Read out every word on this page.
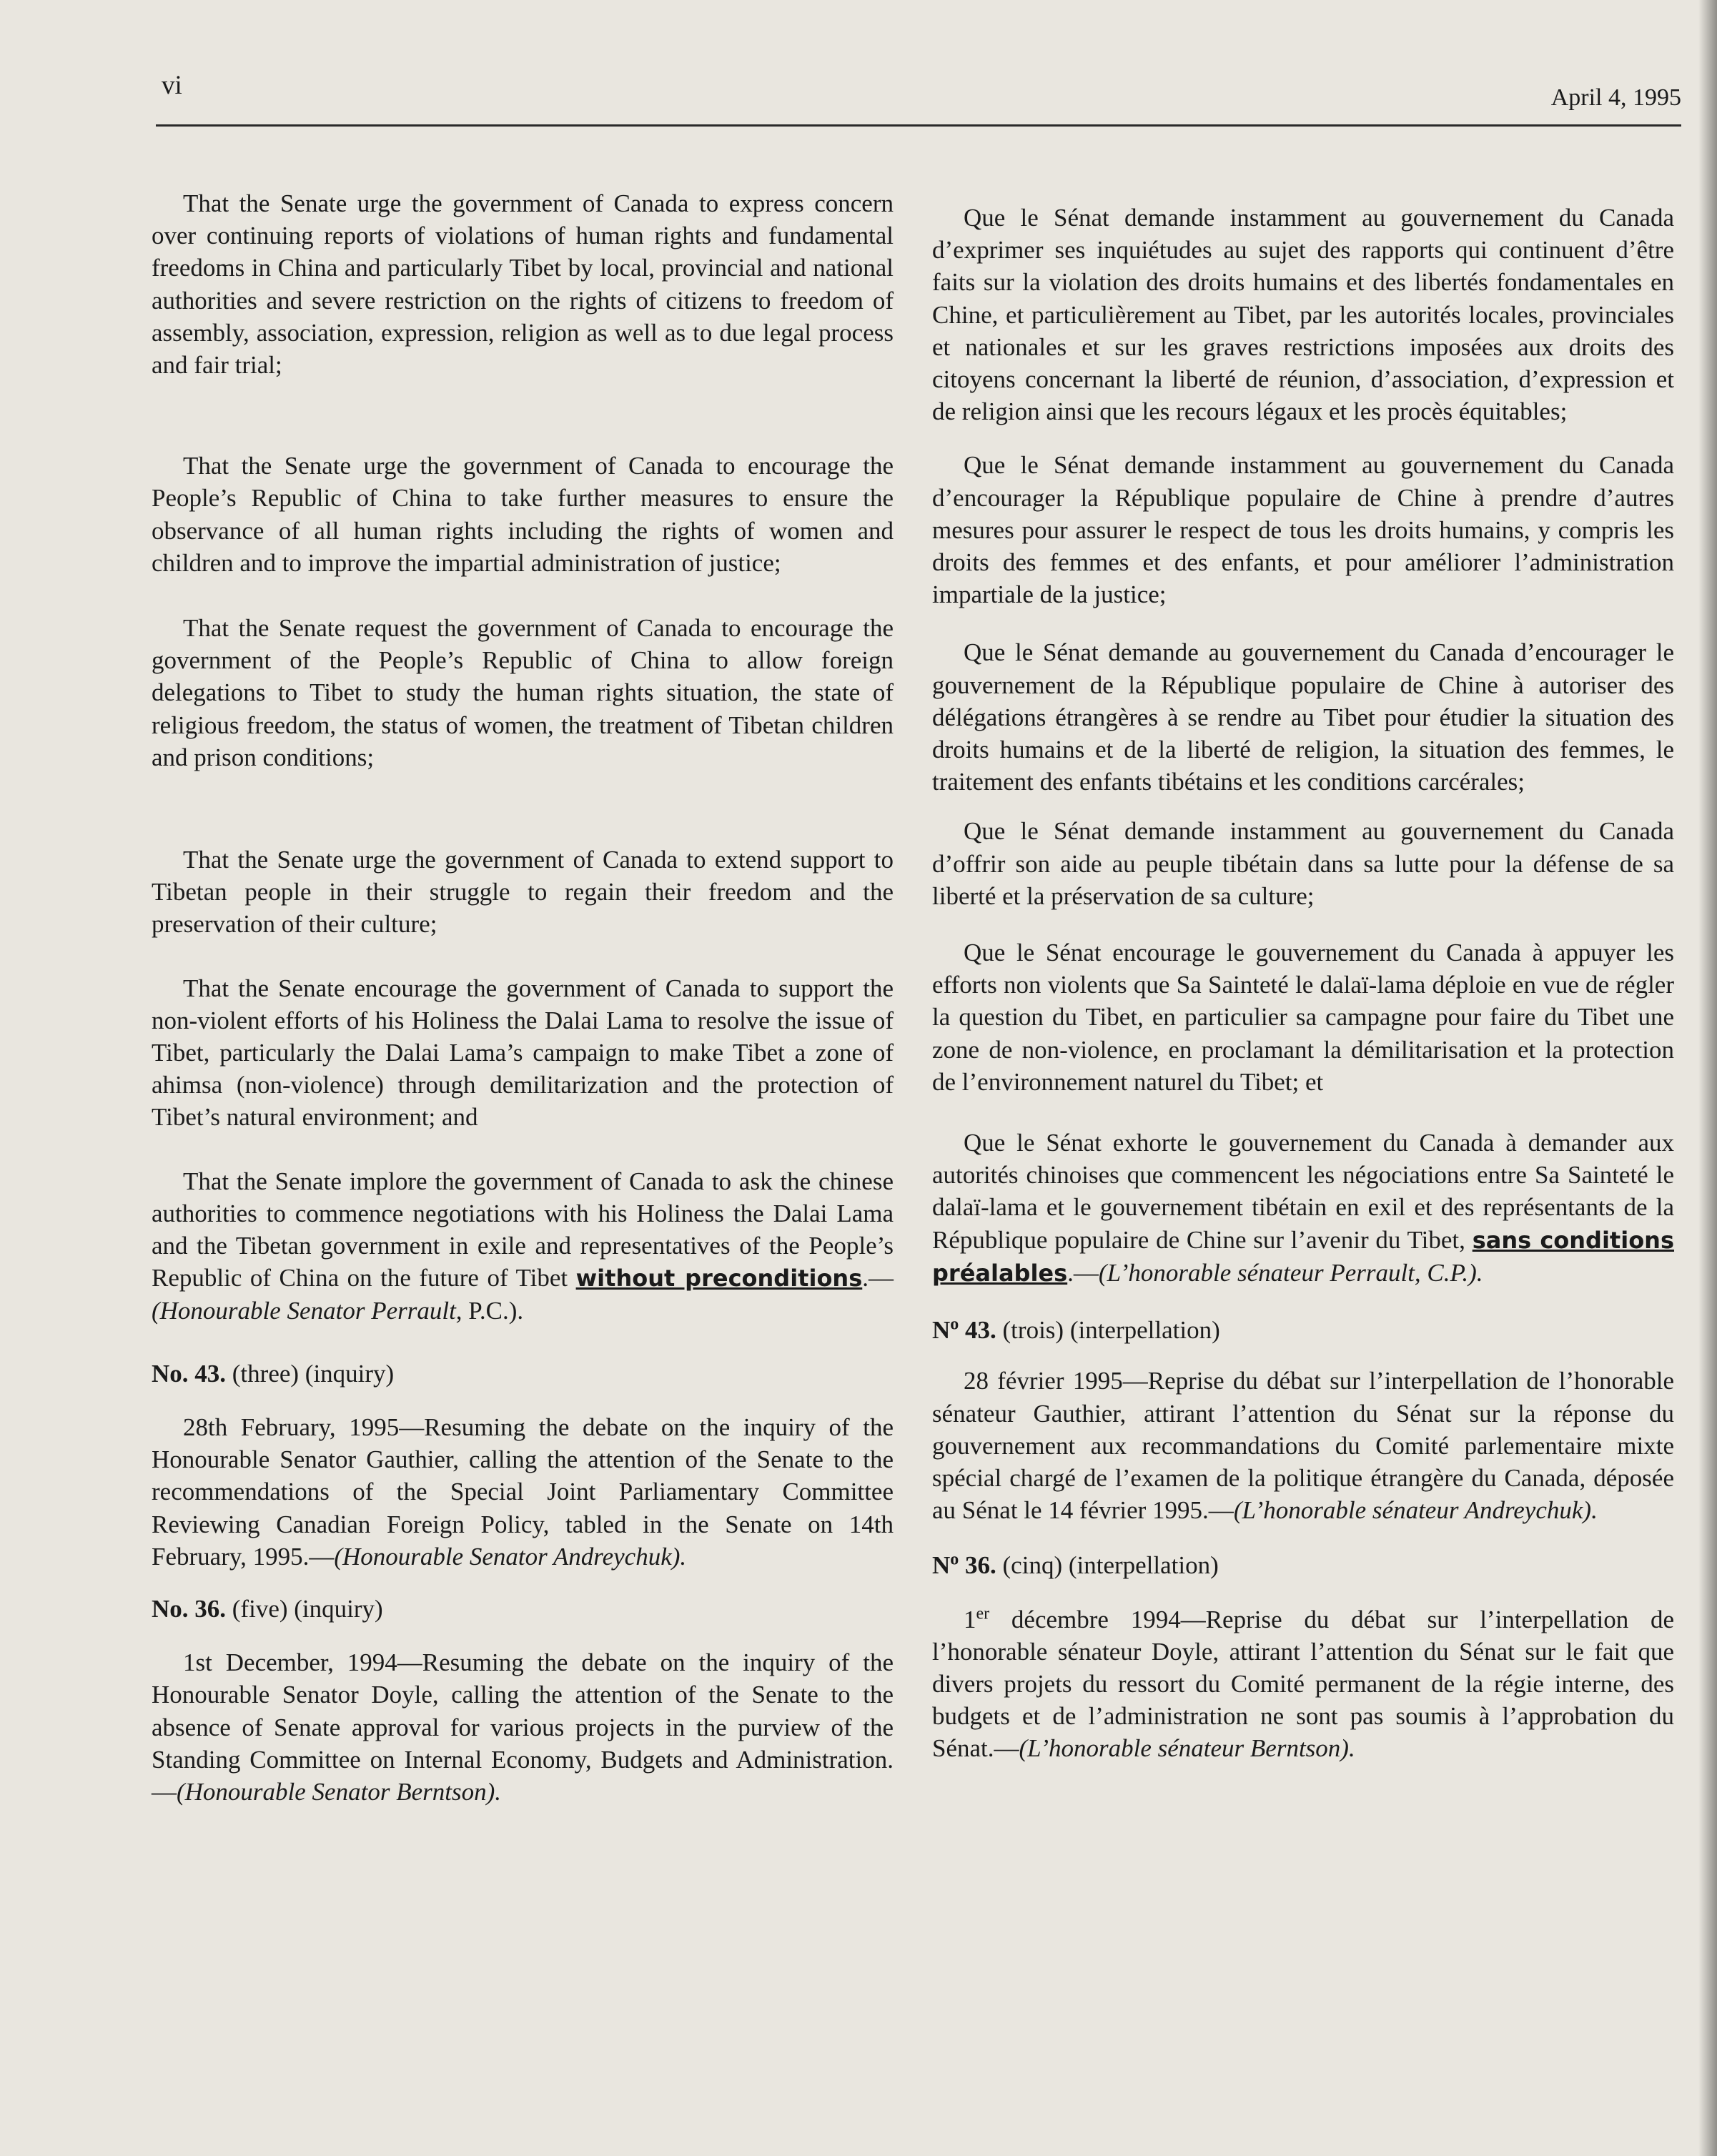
vi	April 4, 1995

That the Senate urge the government of Canada to express concern over continuing reports of violations of human rights and fundamental freedoms in China and particularly Tibet by local, provincial and national authorities and severe restriction on the rights of citizens to freedom of assembly, association, expression, religion as well as to due legal process and fair trial;

That the Senate urge the government of Canada to encourage the People’s Republic of China to take further measures to ensure the observance of all human rights including the rights of women and children and to improve the impartial administration of justice;

That the Senate request the government of Canada to encourage the government of the People’s Republic of China to allow foreign delegations to Tibet to study the human rights situation, the state of religious freedom, the status of women, the treatment of Tibetan children and prison conditions;

That the Senate urge the government of Canada to extend support to Tibetan people in their struggle to regain their freedom and the preservation of their culture;

That the Senate encourage the government of Canada to support the non-violent efforts of his Holiness the Dalai Lama to resolve the issue of Tibet, particularly the Dalai Lama’s campaign to make Tibet a zone of ahimsa (non-violence) through demilitarization and the protection of Tibet’s natural environment; and

That the Senate implore the government of Canada to ask the chinese authorities to commence negotiations with his Holiness the Dalai Lama and the Tibetan government in exile and representatives of the People’s Republic of China on the future of Tibet without preconditions.—(Honourable Senator Perrault, P.C.).

No. 43. (three) (inquiry)

28th February, 1995—Resuming the debate on the inquiry of the Honourable Senator Gauthier, calling the attention of the Senate to the recommendations of the Special Joint Parliamentary Committee Reviewing Canadian Foreign Policy, tabled in the Senate on 14th February, 1995.—(Honourable Senator Andreychuk).

No. 36. (five) (inquiry)

1st December, 1994—Resuming the debate on the inquiry of the Honourable Senator Doyle, calling the attention of the Senate to the absence of Senate approval for various projects in the purview of the Standing Committee on Internal Economy, Budgets and Administration.—(Honourable Senator Berntson).

Que le Sénat demande instamment au gouvernement du Canada d’exprimer ses inquiétudes au sujet des rapports qui continuent d’être faits sur la violation des droits humains et des libertés fondamentales en Chine, et particulièrement au Tibet, par les autorités locales, provinciales et nationales et sur les graves restrictions imposées aux droits des citoyens concernant la liberté de réunion, d’association, d’expression et de religion ainsi que les recours légaux et les procès équitables;

Que le Sénat demande instamment au gouvernement du Canada d’encourager la République populaire de Chine à prendre d’autres mesures pour assurer le respect de tous les droits humains, y compris les droits des femmes et des enfants, et pour améliorer l’administration impartiale de la justice;

Que le Sénat demande au gouvernement du Canada d’encourager le gouvernement de la République populaire de Chine à autoriser des délégations étrangères à se rendre au Tibet pour étudier la situation des droits humains et de la liberté de religion, la situation des femmes, le traitement des enfants tibétains et les conditions carcérales;

Que le Sénat demande instamment au gouvernement du Canada d’offrir son aide au peuple tibétain dans sa lutte pour la défense de sa liberté et la préservation de sa culture;

Que le Sénat encourage le gouvernement du Canada à appuyer les efforts non violents que Sa Sainteté le dalaï-lama déploie en vue de régler la question du Tibet, en particulier sa campagne pour faire du Tibet une zone de non-violence, en proclamant la démilitarisation et la protection de l’environnement naturel du Tibet; et

Que le Sénat exhorte le gouvernement du Canada à demander aux autorités chinoises que commencent les négociations entre Sa Sainteté le dalaï-lama et le gouvernement tibétain en exil et des représentants de la République populaire de Chine sur l’avenir du Tibet, sans conditions préalables.—(L’honorable sénateur Perrault, C.P.).

$N^o$ 43. (trois) (interpellation)

28 février 1995—Reprise du débat sur l’interpellation de l’honorable sénateur Gauthier, attirant l’attention du Sénat sur la réponse du gouvernement aux recommandations du Comité parlementaire mixte spécial chargé de l’examen de la politique étrangère du Canada, déposée au Sénat le 14 février 1995.—(L’honorable sénateur Andreychuk).

$N^o$ 36. (cinq) (interpellation)

1er décembre 1994—Reprise du débat sur l’interpellation de l’honorable sénateur Doyle, attirant l’attention du Sénat sur le fait que divers projets du ressort du Comité permanent de la régie interne, des budgets et de l’administration ne sont pas soumis à l’approbation du Sénat.—(L’honorable sénateur Berntson).
